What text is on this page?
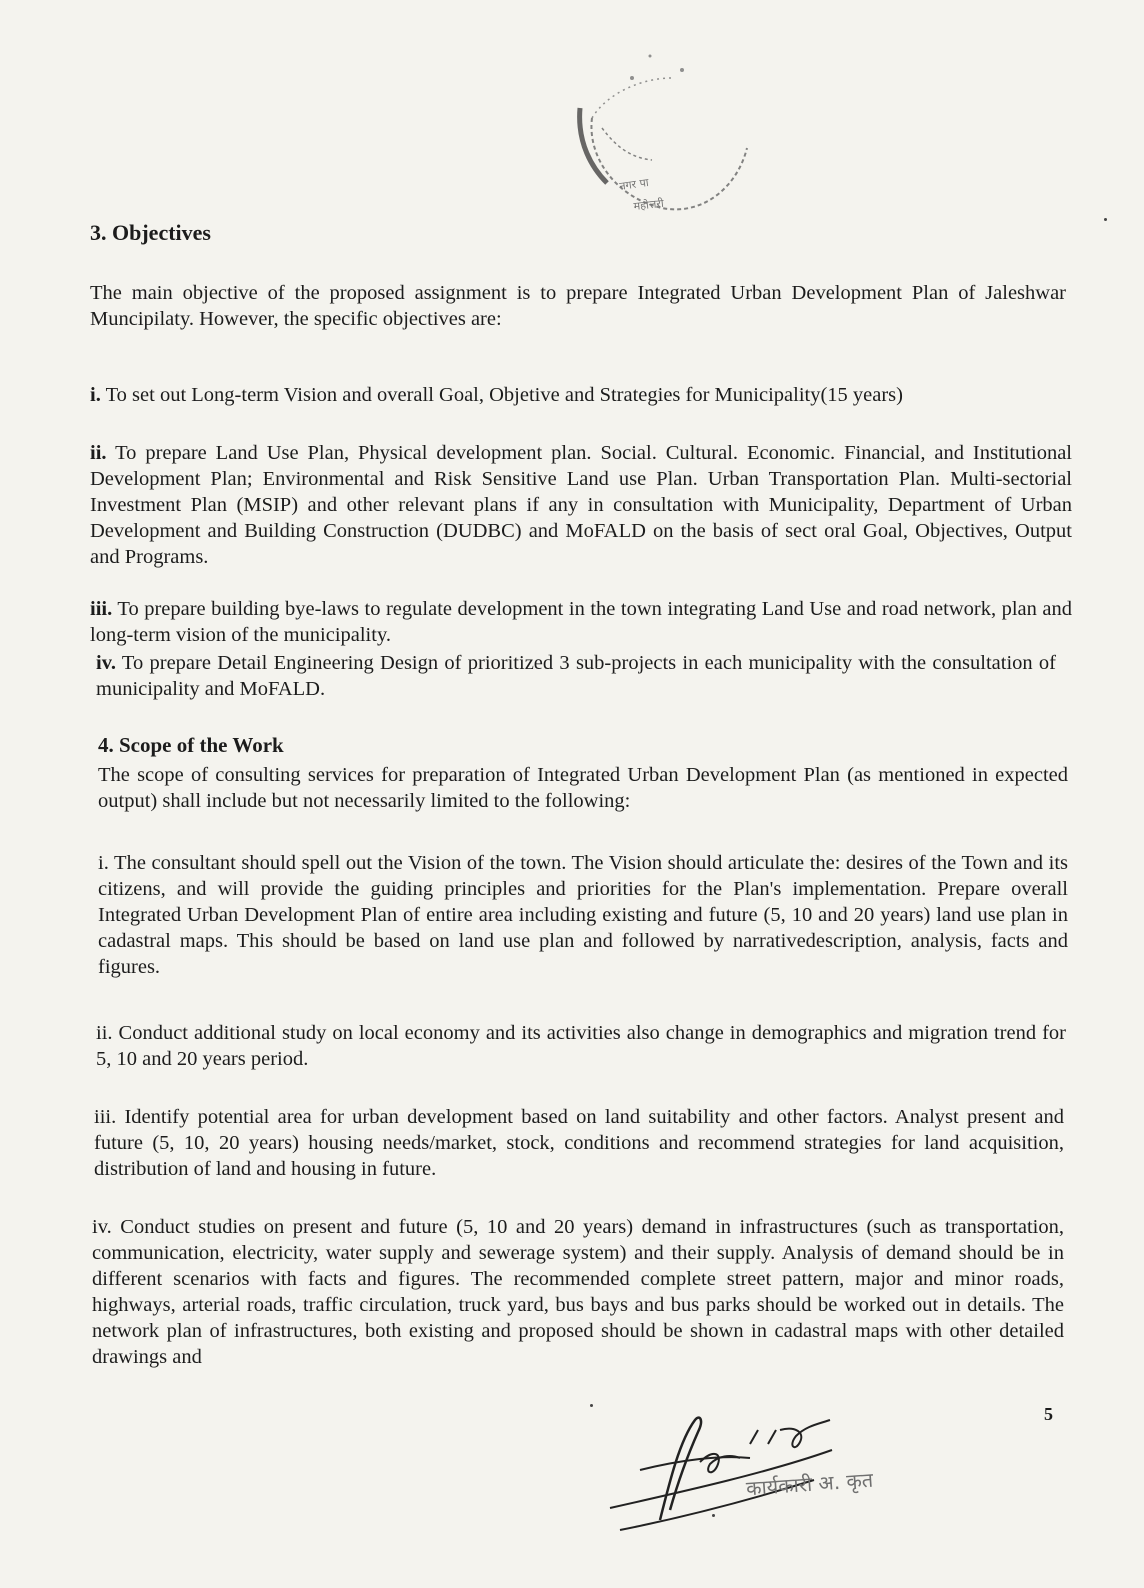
नगर पा
महोत्तरी
3. Objectives
The main objective of the proposed assignment is to prepare Integrated Urban Development Plan of Jaleshwar Muncipilaty. However, the specific objectives are:
i. To set out Long-term Vision and overall Goal, Objetive and Strategies for Municipality(15 years)
ii. To prepare Land Use Plan, Physical development plan. Social. Cultural. Economic. Financial, and Institutional Development Plan; Environmental and Risk Sensitive Land use Plan. Urban Transportation Plan. Multi-sectorial Investment Plan (MSIP) and other relevant plans if any in consultation with Municipality, Department of Urban Development and Building Construction (DUDBC) and MoFALD on the basis of sect oral Goal, Objectives, Output and Programs.
iii. To prepare building bye-laws to regulate development in the town integrating Land Use and road network, plan and long-term vision of the municipality.
iv. To prepare Detail Engineering Design of prioritized 3 sub-projects in each municipality with the consultation of municipality and MoFALD.
4. Scope of the Work
The scope of consulting services for preparation of Integrated Urban Development Plan (as mentioned in expected output) shall include but not necessarily limited to the following:
i. The consultant should spell out the Vision of the town. The Vision should articulate the: desires of the Town and its citizens, and will provide the guiding principles and priorities for the Plan's implementation. Prepare overall Integrated Urban Development Plan of entire area including existing and future (5, 10 and 20 years) land use plan in cadastral maps. This should be based on land use plan and followed by narrativedescription, analysis, facts and figures.
ii. Conduct additional study on local economy and its activities also change in demographics and migration trend for 5, 10 and 20 years period.
iii. Identify potential area for urban development based on land suitability and other factors. Analyst present and future (5, 10, 20 years) housing needs/market, stock, conditions and recommend strategies for land acquisition, distribution of land and housing in future.
iv. Conduct studies on present and future (5, 10 and 20 years) demand in infrastructures (such as transportation, communication, electricity, water supply and sewerage system) and their supply. Analysis of demand should be in different scenarios with facts and figures. The recommended complete street pattern, major and minor roads, highways, arterial roads, traffic circulation, truck yard, bus bays and bus parks should be worked out in details. The network plan of infrastructures, both existing and proposed should be shown in cadastral maps with other detailed drawings and
5
कार्यकारी अ. कृत
